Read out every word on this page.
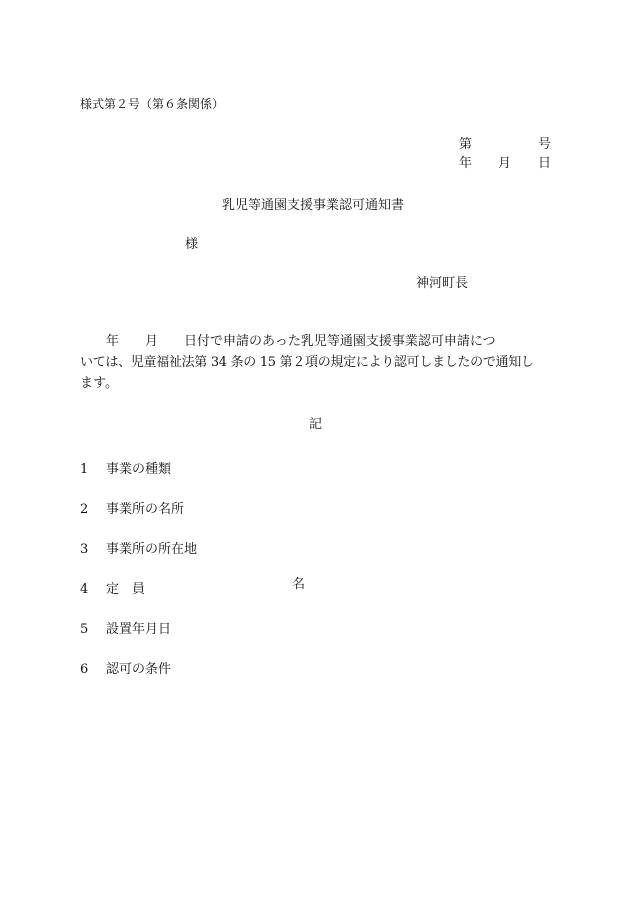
様式第２号（第６条関係）
第	号
年 月 日
乳児等通園支援事業認可通知書
様
神河町長
　　年　　月　　日付で申請のあった乳児等通園支援事業認可申請につ
いては、児童福祉法第 34 条の 15 第２項の規定により認可しましたので通知し
ます。
記
1 事業の種類
2 事業所の名所
3 事業所の所在地
4 定　員	名
5 設置年月日
6 認可の条件
